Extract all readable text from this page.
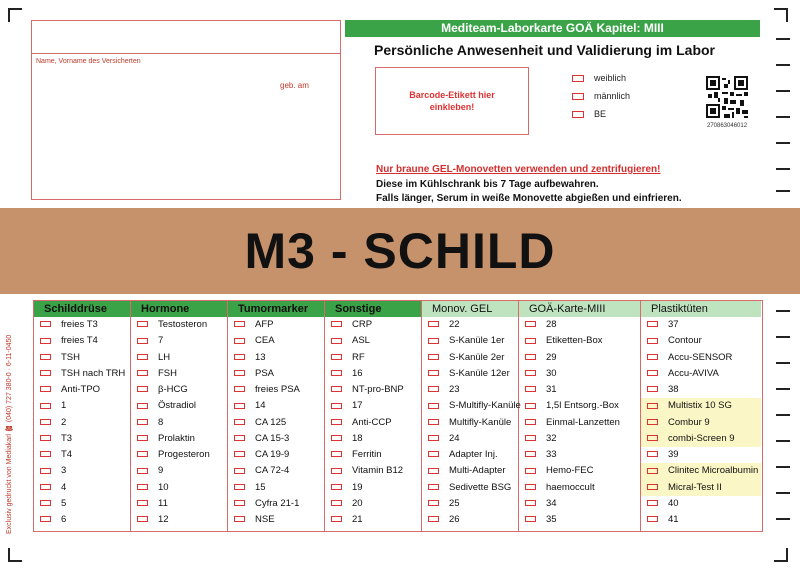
Name, Vorname des Versicherten
geb. am
Mediteam-Laborkarte GOÄ Kapitel: MIII
Persönliche Anwesenheit und Validierung im Labor
Barcode-Etikett hier
einkleben!
weiblich
männlich
BE
270863046012
Nur braune GEL-Monovetten verwenden und zentrifugieren!
Diese im Kühlschrank bis 7 Tage aufbewahren.
Falls länger, Serum in weiße Monovette abgießen und einfrieren.
M3 - SCHILD
Exclusiv gedruckt von Mediakarl ☎ (040) 727 380-0 · 6-11-0450
Schilddrüse
freies T3
freies T4
TSH
TSH nach TRH
Anti-TPO
1
2
T3
T4
3
4
5
6
Hormone
Testosteron
7
LH
FSH
β-HCG
Östradiol
8
Prolaktin
Progesteron
9
10
11
12
Tumormarker
AFP
CEA
13
PSA
freies PSA
14
CA 125
CA 15-3
CA 19-9
CA 72-4
15
Cyfra 21-1
NSE
Sonstige
CRP
ASL
RF
16
NT-pro-BNP
17
Anti-CCP
18
Ferritin
Vitamin B12
19
20
21
Monov. GEL
22
S-Kanüle 1er
S-Kanüle 2er
S-Kanüle 12er
23
S-Multifly-Kanüle
Multifly-Kanüle
24
Adapter Inj.
Multi-Adapter
Sedivette BSG
25
26
GOÄ-Karte-MIII
28
Etiketten-Box
29
30
31
1,5l Entsorg.-Box
Einmal-Lanzetten
32
33
Hemo-FEC
haemoccult
34
35
Plastiktüten
37
Contour
Accu-SENSOR
Accu-AVIVA
38
Multistix 10 SG
Combur 9
combi-Screen 9
39
Clinitec Microalbumin
Micral-Test II
40
41
